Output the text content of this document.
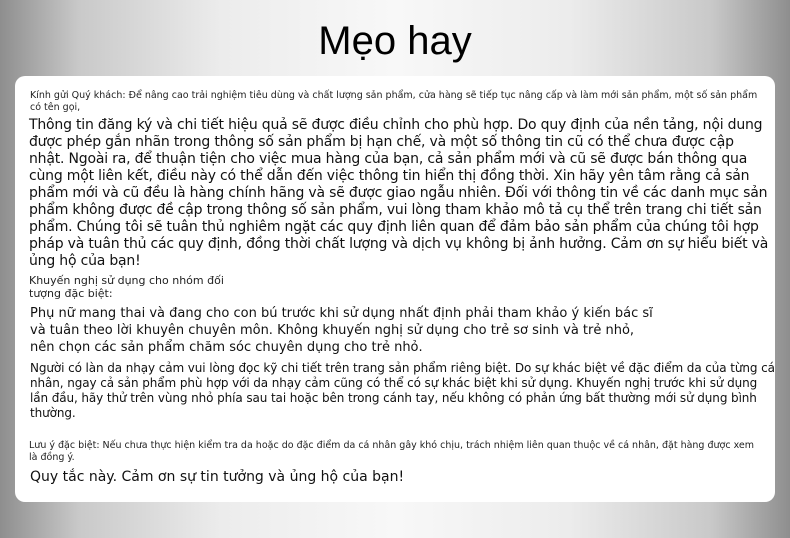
Mẹo hay

Kính gửi Quý khách: Để nâng cao trải nghiệm tiêu dùng và chất lượng sản phẩm, cửa hàng sẽ tiếp tục nâng cấp và làm mới sản phẩm, một số sản phẩm có tên gọi,

Thông tin đăng ký và chi tiết hiệu quả sẽ được điều chỉnh cho phù hợp. Do quy định của nền tảng, nội dung được phép gắn nhãn trong thông số sản phẩm bị hạn chế, và một số thông tin cũ có thể chưa được cập nhật. Ngoài ra, để thuận tiện cho việc mua hàng của bạn, cả sản phẩm mới và cũ sẽ được bán thông qua cùng một liên kết, điều này có thể dẫn đến việc thông tin hiển thị đồng thời. Xin hãy yên tâm rằng cả sản phẩm mới và cũ đều là hàng chính hãng và sẽ được giao ngẫu nhiên. Đối với thông tin về các danh mục sản phẩm không được đề cập trong thông số sản phẩm, vui lòng tham khảo mô tả cụ thể trên trang chi tiết sản phẩm. Chúng tôi sẽ tuân thủ nghiêm ngặt các quy định liên quan để đảm bảo sản phẩm của chúng tôi hợp pháp và tuân thủ các quy định, đồng thời chất lượng và dịch vụ không bị ảnh hưởng. Cảm ơn sự hiểu biết và ủng hộ của bạn!

Khuyến nghị sử dụng cho nhóm đối tượng đặc biệt:

Phụ nữ mang thai và đang cho con bú trước khi sử dụng nhất định phải tham khảo ý kiến bác sĩ và tuân theo lời khuyên chuyên môn. Không khuyến nghị sử dụng cho trẻ sơ sinh và trẻ nhỏ, nên chọn các sản phẩm chăm sóc chuyên dụng cho trẻ nhỏ.

Người có làn da nhạy cảm vui lòng đọc kỹ chi tiết trên trang sản phẩm riêng biệt. Do sự khác biệt về đặc điểm da của từng cá nhân, ngay cả sản phẩm phù hợp với da nhạy cảm cũng có thể có sự khác biệt khi sử dụng. Khuyến nghị trước khi sử dụng lần đầu, hãy thử trên vùng nhỏ phía sau tai hoặc bên trong cánh tay, nếu không có phản ứng bất thường mới sử dụng bình thường.

Lưu ý đặc biệt: Nếu chưa thực hiện kiểm tra da hoặc do đặc điểm da cá nhân gây khó chịu, trách nhiệm liên quan thuộc về cá nhân, đặt hàng được xem là đồng ý.

Quy tắc này. Cảm ơn sự tin tưởng và ủng hộ của bạn!
